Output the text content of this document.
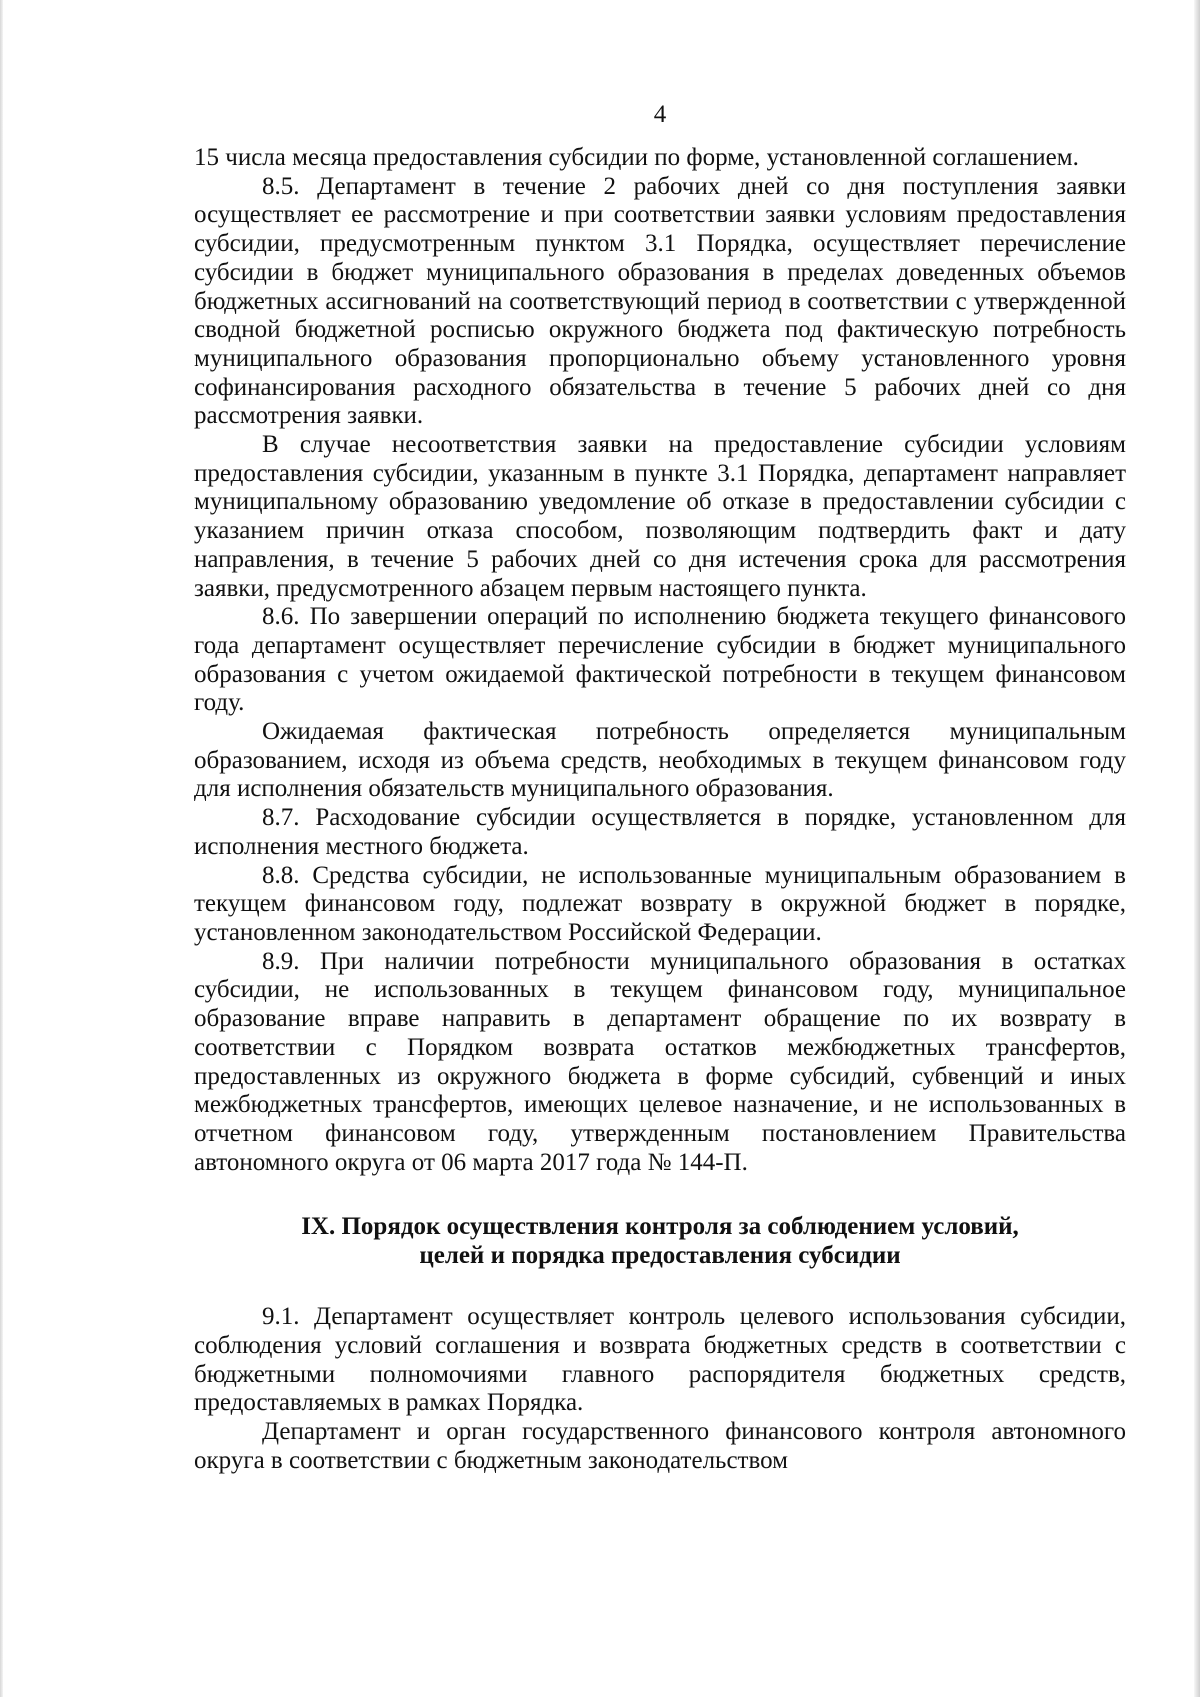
4

15 числа месяца предоставления субсидии по форме, установленной соглашением.

8.5. Департамент в течение 2 рабочих дней со дня поступления заявки осуществляет ее рассмотрение и при соответствии заявки условиям предоставления субсидии, предусмотренным пунктом 3.1 Порядка, осуществляет перечисление субсидии в бюджет муниципального образования в пределах доведенных объемов бюджетных ассигнований на соответствующий период в соответствии с утвержденной сводной бюджетной росписью окружного бюджета под фактическую потребность муниципального образования пропорционально объему установленного уровня софинансирования расходного обязательства в течение 5 рабочих дней со дня рассмотрения заявки.

В случае несоответствия заявки на предоставление субсидии условиям предоставления субсидии, указанным в пункте 3.1 Порядка, департамент направляет муниципальному образованию уведомление об отказе в предоставлении субсидии с указанием причин отказа способом, позволяющим подтвердить факт и дату направления, в течение 5 рабочих дней со дня истечения срока для рассмотрения заявки, предусмотренного абзацем первым настоящего пункта.

8.6. По завершении операций по исполнению бюджета текущего финансового года департамент осуществляет перечисление субсидии в бюджет муниципального образования с учетом ожидаемой фактической потребности в текущем финансовом году.

Ожидаемая фактическая потребность определяется муниципальным образованием, исходя из объема средств, необходимых в текущем финансовом году для исполнения обязательств муниципального образования.

8.7. Расходование субсидии осуществляется в порядке, установленном для исполнения местного бюджета.

8.8. Средства субсидии, не использованные муниципальным образованием в текущем финансовом году, подлежат возврату в окружной бюджет в порядке, установленном законодательством Российской Федерации.

8.9. При наличии потребности муниципального образования в остатках субсидии, не использованных в текущем финансовом году, муниципальное образование вправе направить в департамент обращение по их возврату в соответствии с Порядком возврата остатков межбюджетных трансфертов, предоставленных из окружного бюджета в форме субсидий, субвенций и иных межбюджетных трансфертов, имеющих целевое назначение, и не использованных в отчетном финансовом году, утвержденным постановлением Правительства автономного округа от 06 марта 2017 года № 144-П.

IX. Порядок осуществления контроля за соблюдением условий,
целей и порядка предоставления субсидии

9.1. Департамент осуществляет контроль целевого использования субсидии, соблюдения условий соглашения и возврата бюджетных средств в соответствии с бюджетными полномочиями главного распорядителя бюджетных средств, предоставляемых в рамках Порядка.

Департамент и орган государственного финансового контроля автономного округа в соответствии с бюджетным законодательством
